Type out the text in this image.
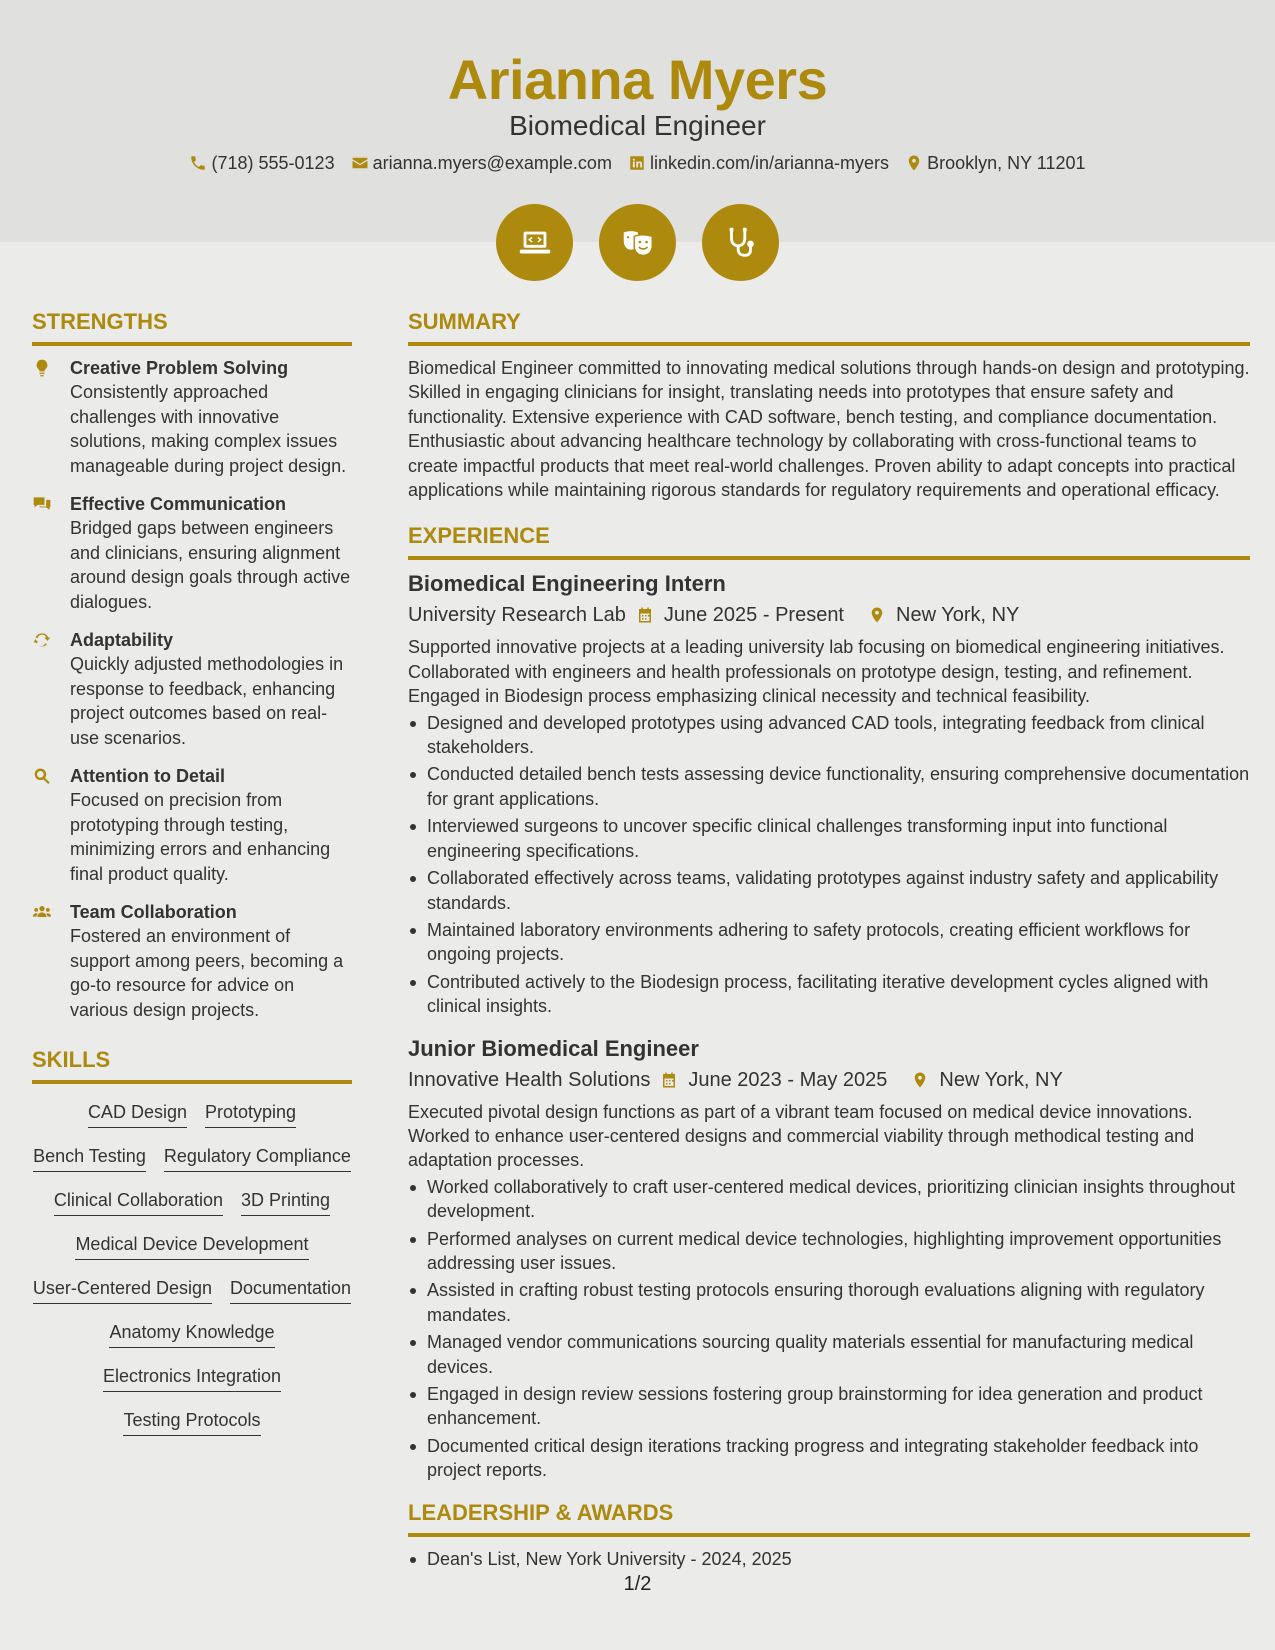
Arianna Myers
Biomedical Engineer
(718) 555-0123 arianna.myers@example.com linkedin.com/in/arianna-myers Brooklyn, NY 11201
STRENGTHS
Creative Problem Solving
Consistently approached challenges with innovative solutions, making complex issues manageable during project design.
Effective Communication
Bridged gaps between engineers and clinicians, ensuring alignment around design goals through active dialogues.
Adaptability
Quickly adjusted methodologies in response to feedback, enhancing project outcomes based on real-use scenarios.
Attention to Detail
Focused on precision from prototyping through testing, minimizing errors and enhancing final product quality.
Team Collaboration
Fostered an environment of support among peers, becoming a go-to resource for advice on various design projects.
SKILLS
CAD Design Prototyping
Bench Testing Regulatory Compliance
Clinical Collaboration 3D Printing
Medical Device Development
User-Centered Design Documentation
Anatomy Knowledge
Electronics Integration
Testing Protocols
SUMMARY
Biomedical Engineer committed to innovating medical solutions through hands-on design and prototyping. Skilled in engaging clinicians for insight, translating needs into prototypes that ensure safety and functionality. Extensive experience with CAD software, bench testing, and compliance documentation. Enthusiastic about advancing healthcare technology by collaborating with cross-functional teams to create impactful products that meet real-world challenges. Proven ability to adapt concepts into practical applications while maintaining rigorous standards for regulatory requirements and operational efficacy.
EXPERIENCE
Biomedical Engineering Intern
University Research Lab June 2025 - Present	New York, NY
Supported innovative projects at a leading university lab focusing on biomedical engineering initiatives. Collaborated with engineers and health professionals on prototype design, testing, and refinement. Engaged in Biodesign process emphasizing clinical necessity and technical feasibility.
Designed and developed prototypes using advanced CAD tools, integrating feedback from clinical stakeholders.
Conducted detailed bench tests assessing device functionality, ensuring comprehensive documentation for grant applications.
Interviewed surgeons to uncover specific clinical challenges transforming input into functional engineering specifications.
Collaborated effectively across teams, validating prototypes against industry safety and applicability standards.
Maintained laboratory environments adhering to safety protocols, creating efficient workflows for ongoing projects.
Contributed actively to the Biodesign process, facilitating iterative development cycles aligned with clinical insights.
Junior Biomedical Engineer
Innovative Health Solutions June 2023 - May 2025	New York, NY
Executed pivotal design functions as part of a vibrant team focused on medical device innovations. Worked to enhance user-centered designs and commercial viability through methodical testing and adaptation processes.
Worked collaboratively to craft user-centered medical devices, prioritizing clinician insights throughout development.
Performed analyses on current medical device technologies, highlighting improvement opportunities addressing user issues.
Assisted in crafting robust testing protocols ensuring thorough evaluations aligning with regulatory mandates.
Managed vendor communications sourcing quality materials essential for manufacturing medical devices.
Engaged in design review sessions fostering group brainstorming for idea generation and product enhancement.
Documented critical design iterations tracking progress and integrating stakeholder feedback into project reports.
LEADERSHIP & AWARDS
Dean's List, New York University - 2024, 2025
1/2
